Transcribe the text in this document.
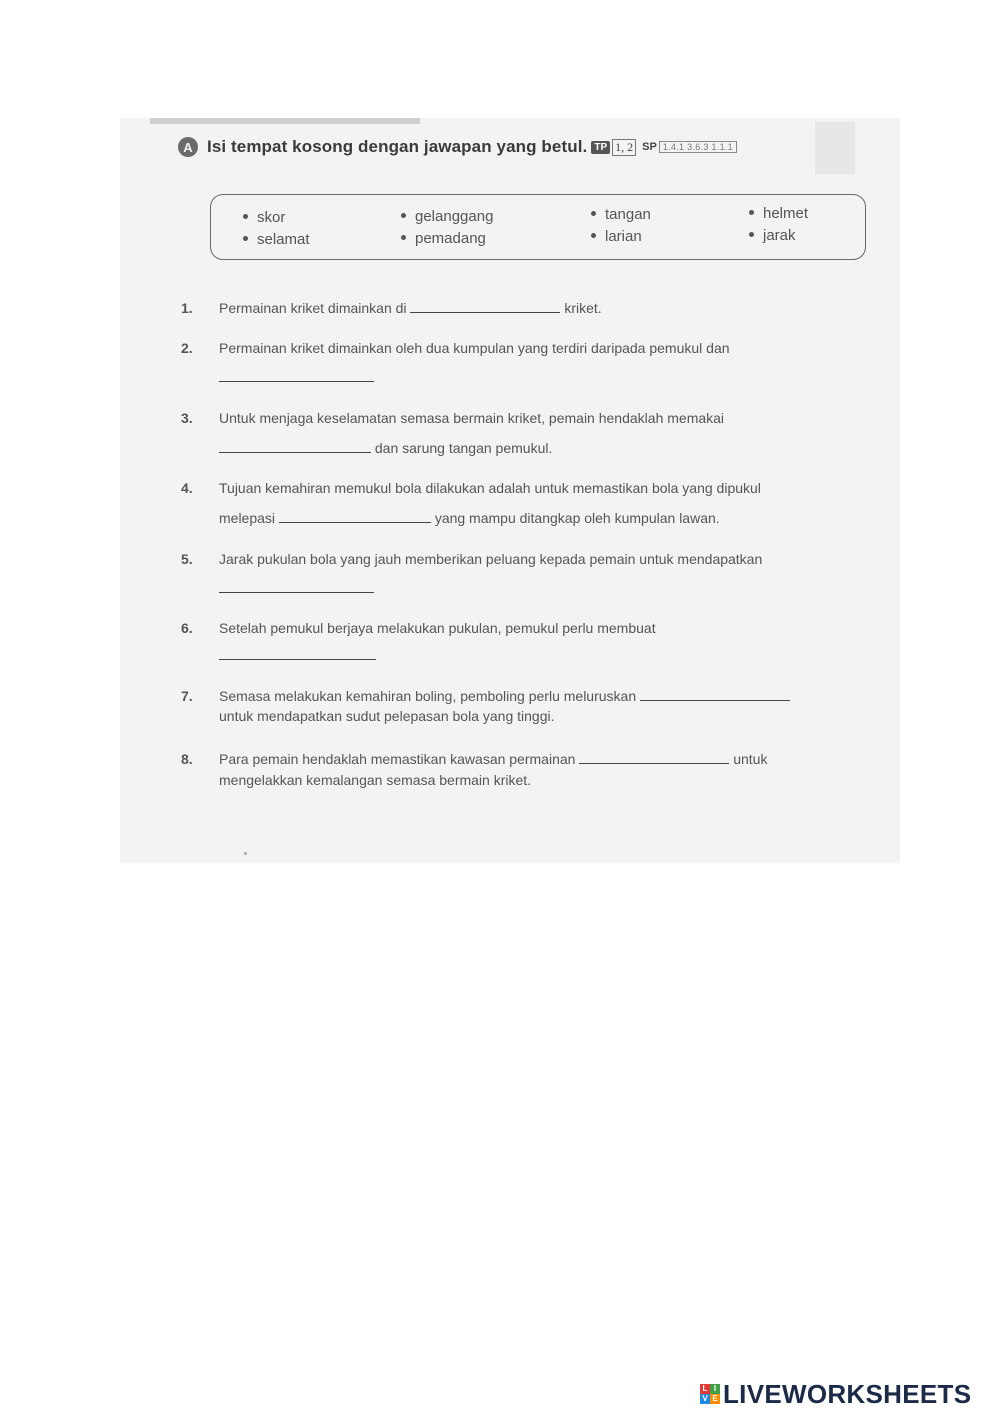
A Isi tempat kosong dengan jawapan yang betul. TP 1, 2 SP 1.4.1 3.6.3 1.1.1
skor
selamat
gelanggang
pemadang
tangan
larian
helmet
jarak
1. Permainan kriket dimainkan di	kriket.
2. Permainan kriket dimainkan oleh dua kumpulan yang terdiri daripada pemukul dan
3. Untuk menjaga keselamatan semasa bermain kriket, pemain hendaklah memakai
dan sarung tangan pemukul.
4. Tujuan kemahiran memukul bola dilakukan adalah untuk memastikan bola yang dipukul
melepasi	yang mampu ditangkap oleh kumpulan lawan.
5. Jarak pukulan bola yang jauh memberikan peluang kepada pemain untuk mendapatkan
6. Setelah pemukul berjaya melakukan pukulan, pemukul perlu membuat
7. Semasa melakukan kemahiran boling, pemboling perlu meluruskan
untuk mendapatkan sudut pelepasan bola yang tinggi.
8. Para pemain hendaklah memastikan kawasan permainan	untuk
mengelakkan kemalangan semasa bermain kriket.
L I
V E LIVEWORKSHEETS
